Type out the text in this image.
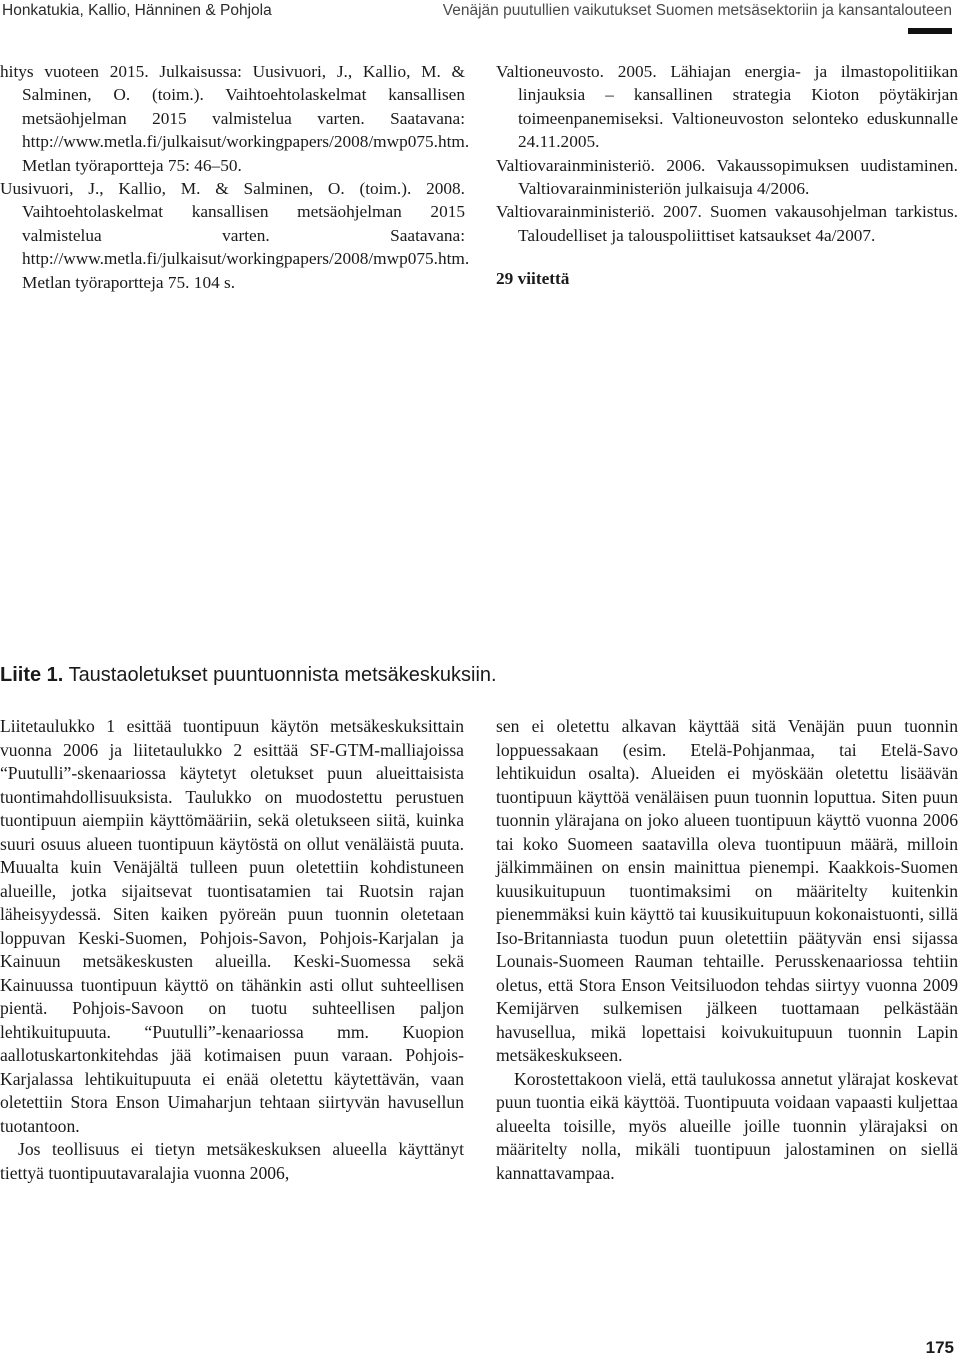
Honkatukia, Kallio, Hänninen & Pohjola	Venäjän puutullien vaikutukset Suomen metsäsektoriin ja kansantalouteen

hitys vuoteen 2015. Julkaisussa: Uusivuori, J., Kallio, M. & Salminen, O. (toim.). Vaihtoehtolaskelmat kansallisen metsäohjelman 2015 valmistelua varten. Saatavana: http://www.metla.fi/julkaisut/workingpapers/2008/mwp075.htm. Metlan työraportteja 75: 46–50.

Uusivuori, J., Kallio, M. & Salminen, O. (toim.). 2008. Vaihtoehtolaskelmat kansallisen metsäohjelman 2015 valmistelua varten. Saatavana: http://www.metla.fi/julkaisut/workingpapers/2008/mwp075.htm. Metlan työraportteja 75. 104 s.

Valtioneuvosto. 2005. Lähiajan energia- ja ilmastopolitiikan linjauksia – kansallinen strategia Kioton pöytäkirjan toimeenpanemiseksi. Valtioneuvoston selonteko eduskunnalle 24.11.2005.

Valtiovarainministeriö. 2006. Vakaussopimuksen uudistaminen. Valtiovarainministeriön julkaisuja 4/2006.

Valtiovarainministeriö. 2007. Suomen vakausohjelman tarkistus. Taloudelliset ja talouspoliittiset katsaukset 4a/2007.

29 viitettä

Liite 1. Taustaoletukset puuntuonnista metsäkeskuksiin.

Liitetaulukko 1 esittää tuontipuun käytön metsäkeskuksittain vuonna 2006 ja liitetaulukko 2 esittää SF-GTM-malliajoissa “Puutulli”-skenaariossa käytetyt oletukset puun alueittaisista tuontimahdollisuuksista. Taulukko on muodostettu perustuen tuontipuun aiempiin käyttömääriin, sekä oletukseen siitä, kuinka suuri osuus alueen tuontipuun käytöstä on ollut venäläistä puuta. Muualta kuin Venäjältä tulleen puun oletettiin kohdistuneen alueille, jotka sijaitsevat tuontisatamien tai Ruotsin rajan läheisyydessä. Siten kaiken pyöreän puun tuonnin oletetaan loppuvan Keski-Suomen, Pohjois-Savon, Pohjois-Karjalan ja Kainuun metsäkeskusten alueilla. Keski-Suomessa sekä Kainuussa tuontipuun käyttö on tähänkin asti ollut suhteellisen pientä. Pohjois-Savoon on tuotu suhteellisen paljon lehtikuitupuuta. “Puutulli”-kenaariossa mm. Kuopion aallotuskartonkitehdas jää kotimaisen puun varaan. Pohjois-Karjalassa lehtikuitupuuta ei enää oletettu käytettävän, vaan oletettiin Stora Enson Uimaharjun tehtaan siirtyvän havusellun tuotantoon.

Jos teollisuus ei tietyn metsäkeskuksen alueella käyttänyt tiettyä tuontipuutavaralajia vuonna 2006,

sen ei oletettu alkavan käyttää sitä Venäjän puun tuonnin loppuessakaan (esim. Etelä-Pohjanmaa, tai Etelä-Savo lehtikuidun osalta). Alueiden ei myöskään oletettu lisäävän tuontipuun käyttöä venäläisen puun tuonnin loputtua. Siten puun tuonnin ylärajana on joko alueen tuontipuun käyttö vuonna 2006 tai koko Suomeen saatavilla oleva tuontipuun määrä, milloin jälkimmäinen on ensin mainittua pienempi. Kaakkois-Suomen kuusikuitupuun tuontimaksimi on määritelty kuitenkin pienemmäksi kuin käyttö tai kuusikuitupuun kokonaistuonti, sillä Iso-Britanniasta tuodun puun oletettiin päätyvän ensi sijassa Lounais-Suomeen Rauman tehtaille. Perusskenaariossa tehtiin oletus, että Stora Enson Veitsiluodon tehdas siirtyy vuonna 2009 Kemijärven sulkemisen jälkeen tuottamaan pelkästään havusellua, mikä lopettaisi koivukuitupuun tuonnin Lapin metsäkeskukseen.

Korostettakoon vielä, että taulukossa annetut ylärajat koskevat puun tuontia eikä käyttöä. Tuontipuuta voidaan vapaasti kuljettaa alueelta toisille, myös alueille joille tuonnin ylärajaksi on määritelty nolla, mikäli tuontipuun jalostaminen on siellä kannattavampaa.

175
